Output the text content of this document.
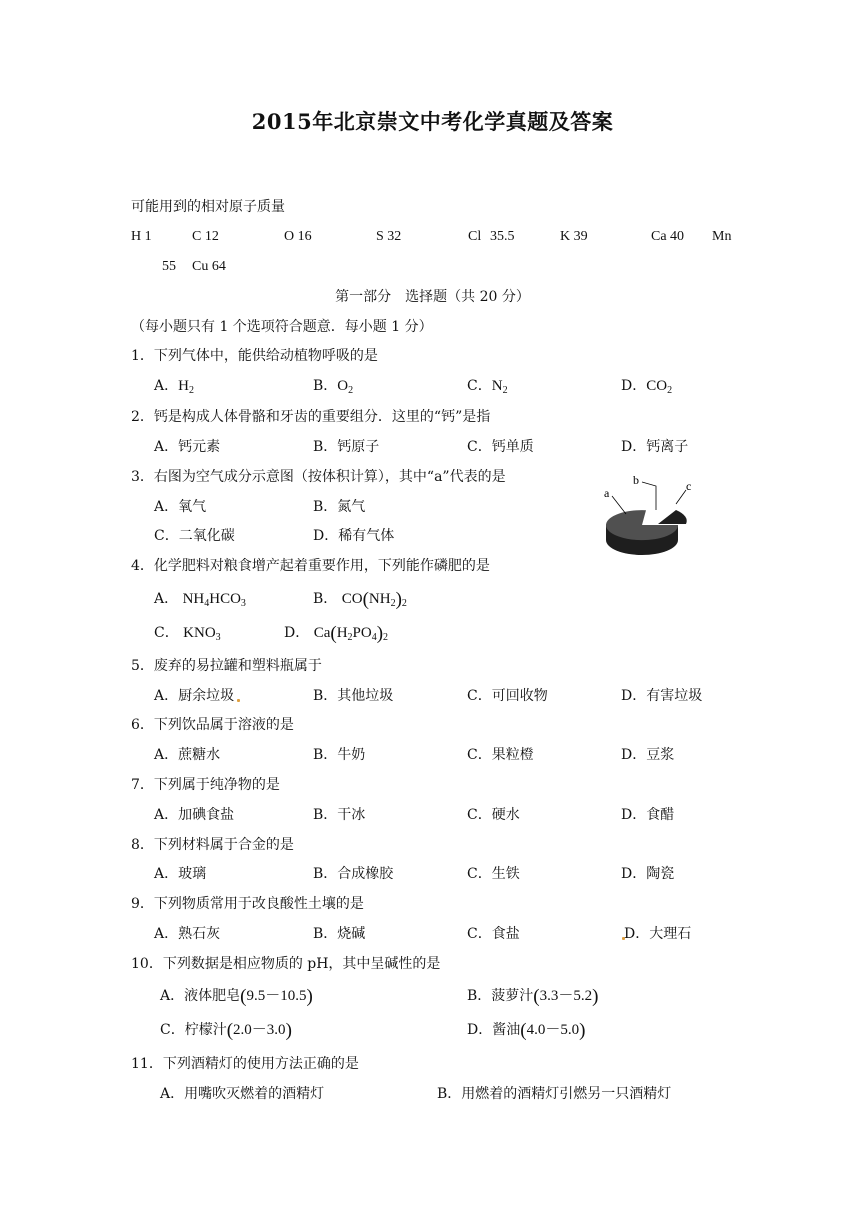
2015年北京崇文中考化学真题及答案
可能用到的相对原子质量
H 1	C 12	O 16	S 32	Cl 35.5	K 39	Ca 40 Mn
55 Cu 64
第一部分　选择题（共 20 分）
（每小题只有 1 个选项符合题意．每小题 1 分）
1．下列气体中，能供给动植物呼吸的是
A．$H_2$	B．$O_2$	C．$N_2$	D．$CO_2$
2．钙是构成人体骨骼和牙齿的重要组分．这里的“钙”是指
A．钙元素	B．钙原子	C．钙单质	D．钙离子
3．右图为空气成分示意图（按体积计算），其中“a”代表的是
A．氧气	B．氮气
C．二氧化碳	D．稀有气体
a
b	c
4．化学肥料对粮食增产起着重要作用，下列能作磷肥的是
A． $NH_4HCO_3$	B． $CO(NH_2)_2$
C． $KNO_3$	D． $Ca(H_2PO_4)_2$
5．废弃的易拉罐和塑料瓶属于
A．厨余垃圾	B．其他垃圾	C．可回收物	D．有害垃圾
6．下列饮品属于溶液的是
A．蔗糖水	B．牛奶	C．果粒橙	D．豆浆
7．下列属于纯净物的是
A．加碘食盐	B．干冰	C．硬水	D．食醋
8．下列材料属于合金的是
A．玻璃	B．合成橡胶	C．生铁	D．陶瓷
9．下列物质常用于改良酸性土壤的是
A．熟石灰	B．烧碱	C．食盐	D．大理石
10．下列数据是相应物质的 pH，其中呈碱性的是
A．液体肥皂(9.5－10.5)	B．菠萝汁(3.3－5.2)
C．柠檬汁(2.0－3.0)	D．酱油(4.0－5.0)
11．下列酒精灯的使用方法正确的是
A．用嘴吹灭燃着的酒精灯	B．用燃着的酒精灯引燃另一只酒精灯
